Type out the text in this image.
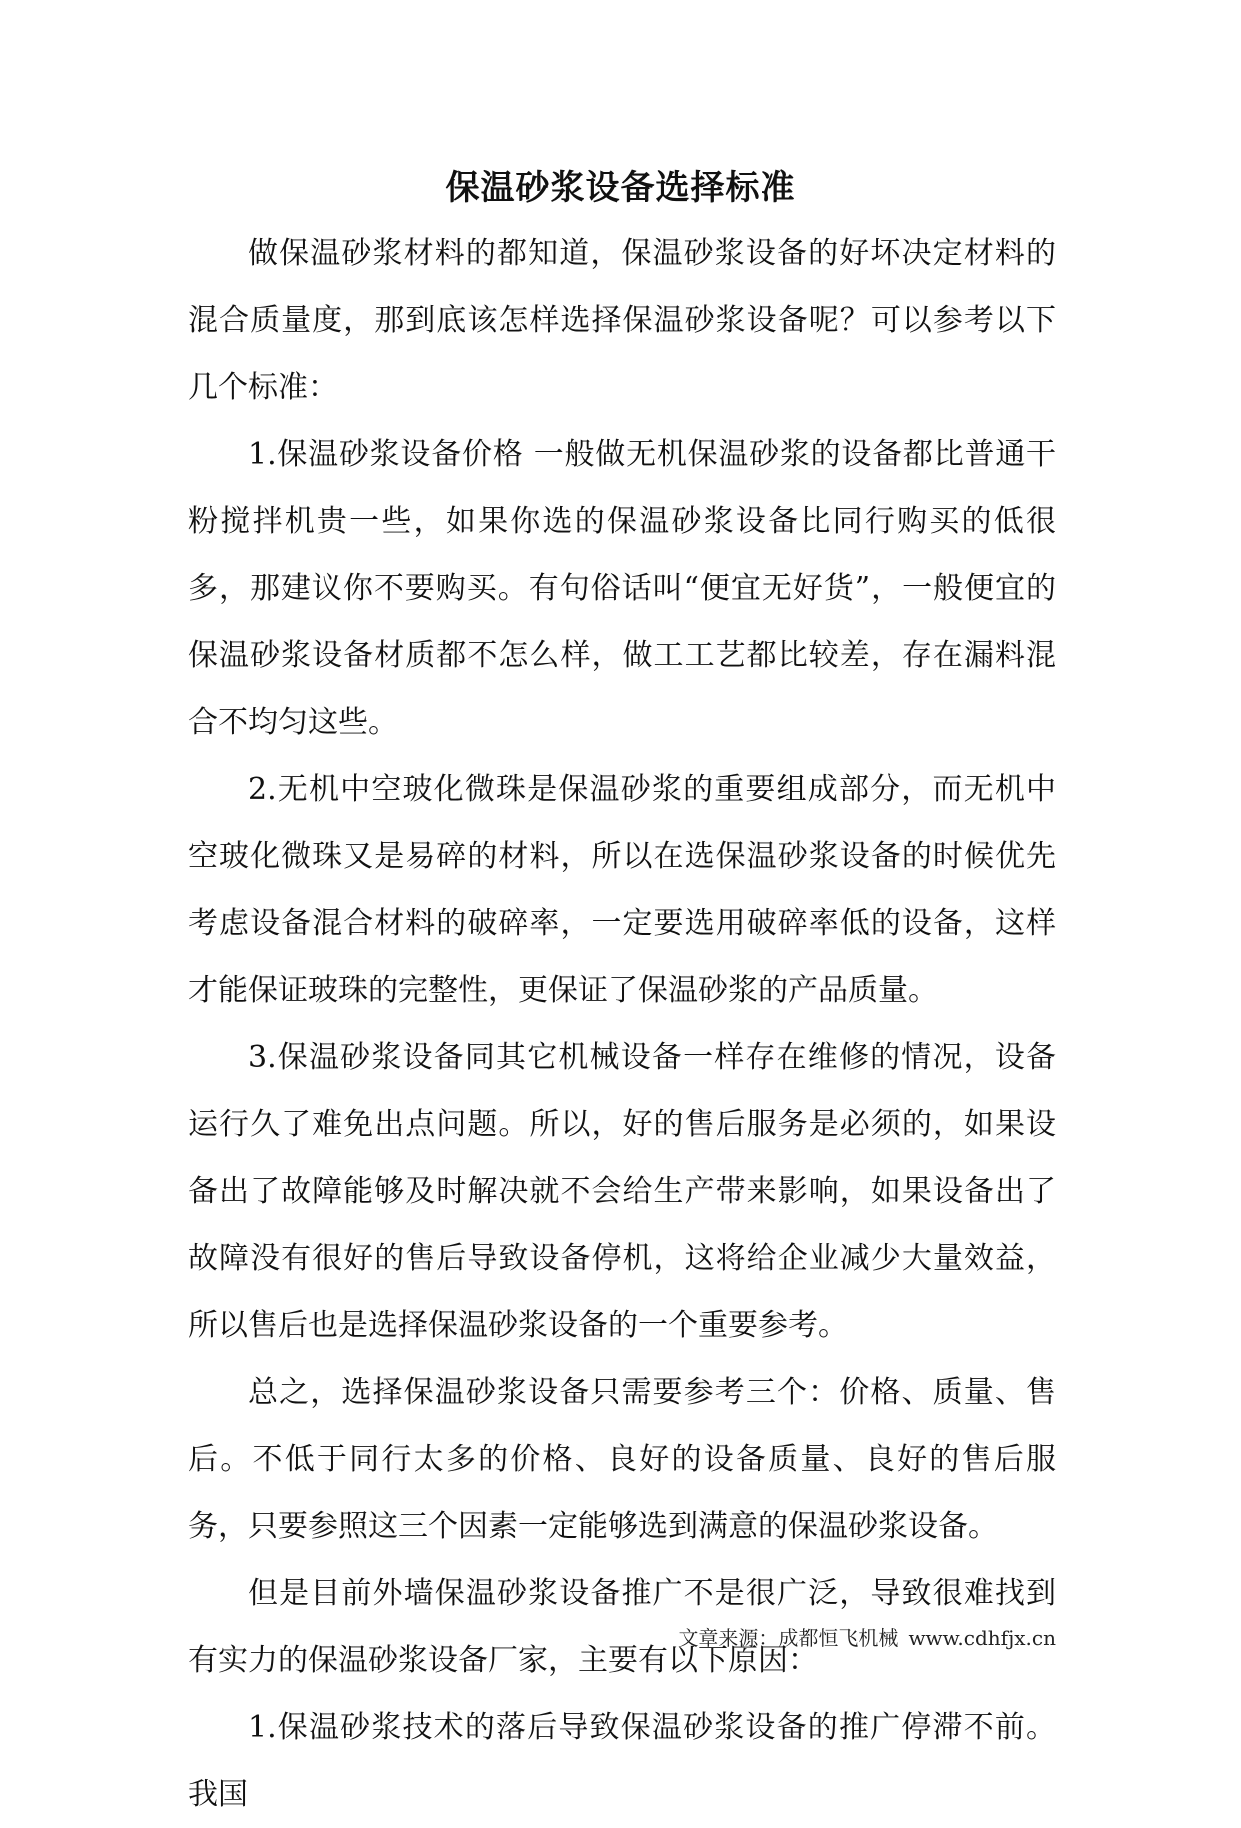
保温砂浆设备选择标准

做保温砂浆材料的都知道，保温砂浆设备的好坏决定材料的混合质量度，那到底该怎样选择保温砂浆设备呢？可以参考以下几个标准：

1.保温砂浆设备价格 一般做无机保温砂浆的设备都比普通干粉搅拌机贵一些，如果你选的保温砂浆设备比同行购买的低很多，那建议你不要购买。有句俗话叫“便宜无好货”，一般便宜的保温砂浆设备材质都不怎么样，做工工艺都比较差，存在漏料混合不均匀这些。

2.无机中空玻化微珠是保温砂浆的重要组成部分，而无机中空玻化微珠又是易碎的材料，所以在选保温砂浆设备的时候优先考虑设备混合材料的破碎率，一定要选用破碎率低的设备，这样才能保证玻珠的完整性，更保证了保温砂浆的产品质量。

3.保温砂浆设备同其它机械设备一样存在维修的情况，设备运行久了难免出点问题。所以，好的售后服务是必须的，如果设备出了故障能够及时解决就不会给生产带来影响，如果设备出了故障没有很好的售后导致设备停机，这将给企业减少大量效益，所以售后也是选择保温砂浆设备的一个重要参考。

总之，选择保温砂浆设备只需要参考三个：价格、质量、售后。不低于同行太多的价格、良好的设备质量、良好的售后服务，只要参照这三个因素一定能够选到满意的保温砂浆设备。

但是目前外墙保温砂浆设备推广不是很广泛，导致很难找到有实力的保温砂浆设备厂家，主要有以下原因：

1.保温砂浆技术的落后导致保温砂浆设备的推广停滞不前。我国

文章来源：成都恒飞机械 www.cdhfjx.cn
